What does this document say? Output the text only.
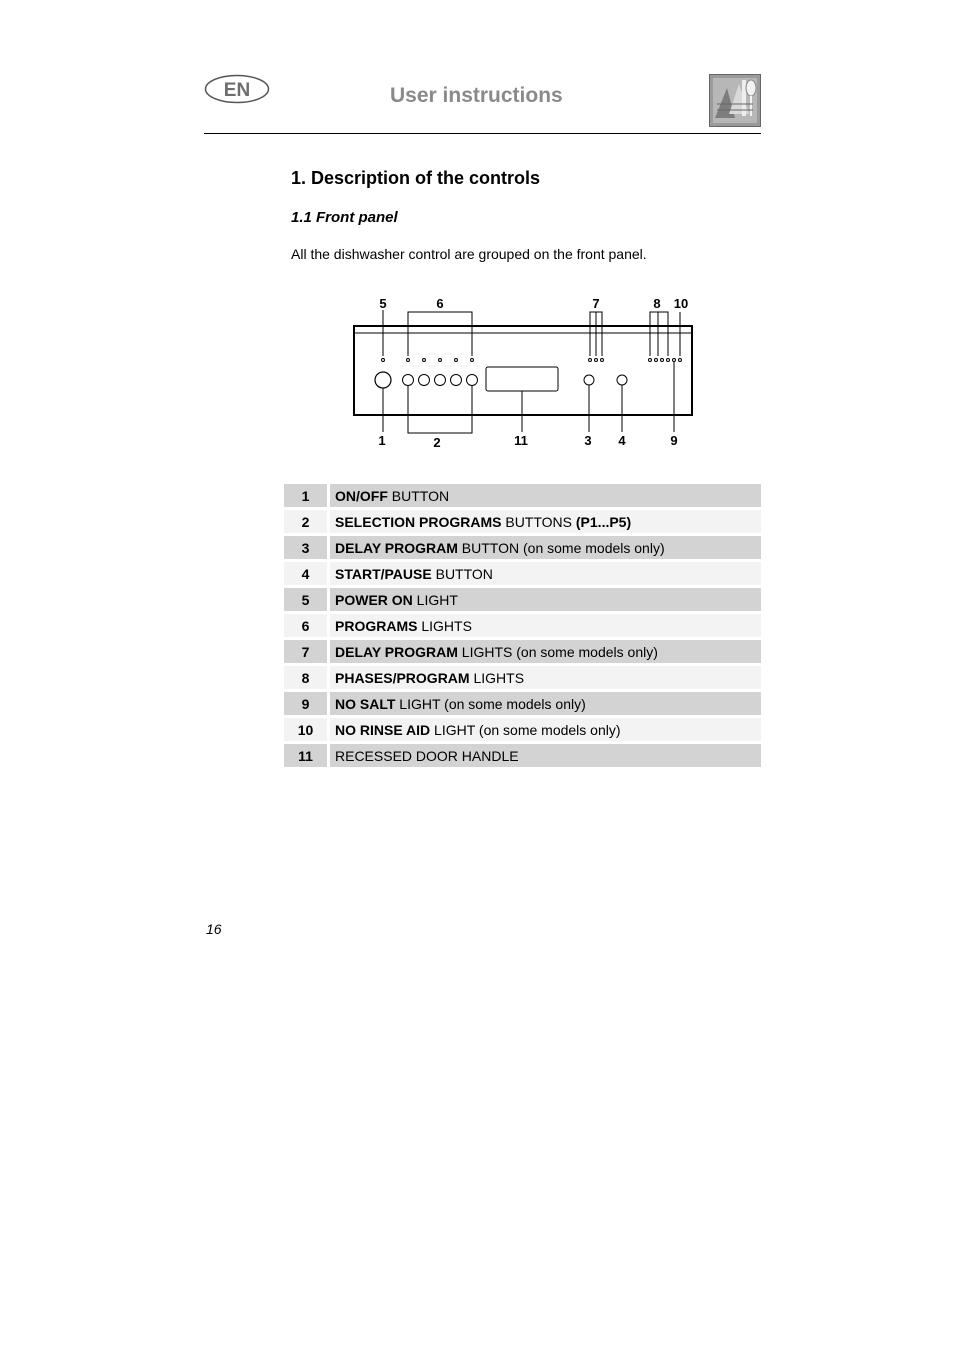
EN	User instructions
1. Description of the controls
1.1 Front panel
All the dishwasher control are grouped on the front panel.
5	6	7	8 10
1	2	11	3 4	9
1	ON/OFF BUTTON
2	SELECTION PROGRAMS BUTTONS (P1...P5)
3	DELAY PROGRAM BUTTON (on some models only)
4	START/PAUSE BUTTON
5	POWER ON LIGHT
6	PROGRAMS LIGHTS
7	DELAY PROGRAM LIGHTS (on some models only)
8	PHASES/PROGRAM LIGHTS
9	NO SALT LIGHT (on some models only)
10	NO RINSE AID LIGHT (on some models only)
11	RECESSED DOOR HANDLE
16
